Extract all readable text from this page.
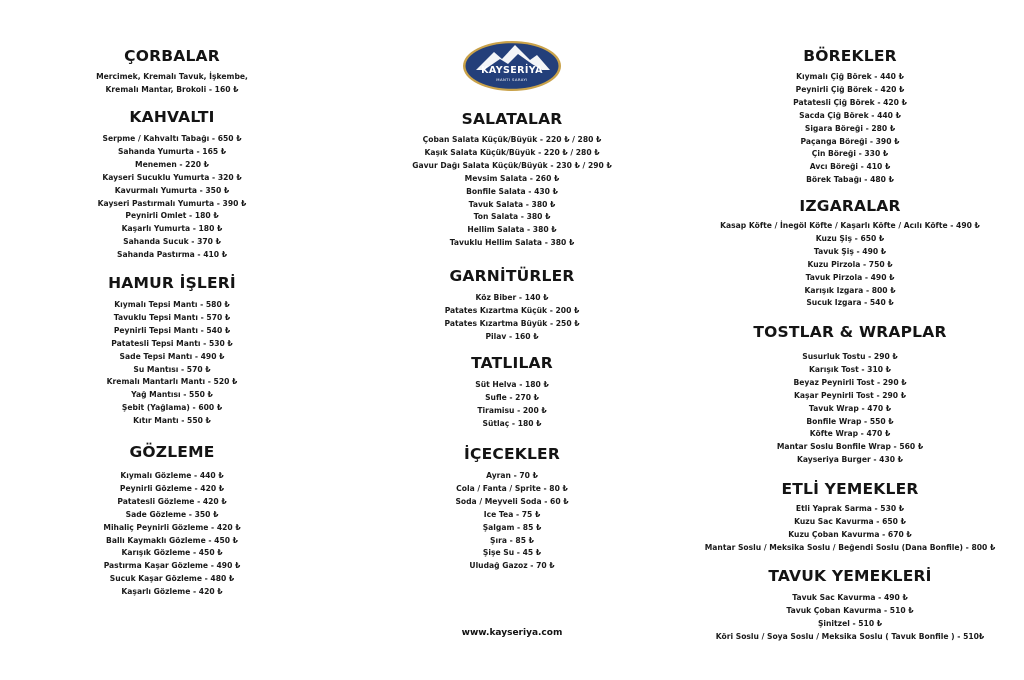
ÇORBALAR
Mercimek, Kremalı Tavuk, İşkembe,
Kremalı Mantar, Brokoli - 160 ₺
KAHVALTI
Serpme / Kahvaltı Tabağı - 650 ₺
Sahanda Yumurta - 165 ₺
Menemen - 220 ₺
Kayseri Sucuklu Yumurta - 320 ₺
Kavurmalı Yumurta - 350 ₺
Kayseri Pastırmalı Yumurta - 390 ₺
Peynirli Omlet - 180 ₺
Kaşarlı Yumurta - 180 ₺
Sahanda Sucuk - 370 ₺
Sahanda Pastırma - 410 ₺
HAMUR İŞLERİ
Kıymalı Tepsi Mantı - 580 ₺
Tavuklu Tepsi Mantı - 570 ₺
Peynirli Tepsi Mantı - 540 ₺
Patatesli Tepsi Mantı - 530 ₺
Sade Tepsi Mantı - 490 ₺
Su Mantısı - 570 ₺
Kremalı Mantarlı Mantı - 520 ₺
Yağ Mantısı - 550 ₺
Şebit (Yağlama) - 600 ₺
Kıtır Mantı - 550 ₺
GÖZLEME
Kıymalı Gözleme - 440 ₺
Peynirli Gözleme - 420 ₺
Patatesli Gözleme - 420 ₺
Sade Gözleme - 350 ₺
Mihaliç Peynirli Gözleme - 420 ₺
Ballı Kaymaklı Gözleme - 450 ₺
Karışık Gözleme - 450 ₺
Pastırma Kaşar Gözleme - 490 ₺
Sucuk Kaşar Gözleme - 480 ₺
Kaşarlı Gözleme - 420 ₺
KAYSERİYA
MANTI SARAYI
SALATALAR
Çoban Salata Küçük/Büyük - 220 ₺ / 280 ₺
Kaşık Salata Küçük/Büyük - 220 ₺ / 280 ₺
Gavur Dağı Salata Küçük/Büyük - 230 ₺ / 290 ₺
Mevsim Salata - 260 ₺
Bonfile Salata - 430 ₺
Tavuk Salata - 380 ₺
Ton Salata - 380 ₺
Hellim Salata - 380 ₺
Tavuklu Hellim Salata - 380 ₺
GARNİTÜRLER
Köz Biber - 140 ₺
Patates Kızartma Küçük - 200 ₺
Patates Kızartma Büyük - 250 ₺
Pilav - 160 ₺
TATLILAR
Süt Helva - 180 ₺
Sufle - 270 ₺
Tiramisu - 200 ₺
Sütlaç - 180 ₺
İÇECEKLER
Ayran - 70 ₺
Cola / Fanta / Sprite - 80 ₺
Soda / Meyveli Soda - 60 ₺
Ice Tea - 75 ₺
Şalgam - 85 ₺
Şıra - 85 ₺
Şişe Su - 45 ₺
Uludağ Gazoz - 70 ₺
www.kayseriya.com
BÖREKLER
Kıymalı Çiğ Börek - 440 ₺
Peynirli Çiğ Börek - 420 ₺
Patatesli Çiğ Börek - 420 ₺
Sacda Çiğ Börek - 440 ₺
Sigara Böreği - 280 ₺
Paçanga Böreği - 390 ₺
Çin Böreği - 330 ₺
Avcı Böreği - 410 ₺
Börek Tabağı - 480 ₺
IZGARALAR
Kasap Köfte / İnegöl Köfte / Kaşarlı Köfte / Acılı Köfte - 490 ₺
Kuzu Şiş - 650 ₺
Tavuk Şiş - 490 ₺
Kuzu Pirzola - 750 ₺
Tavuk Pirzola - 490 ₺
Karışık Izgara - 800 ₺
Sucuk Izgara - 540 ₺
TOSTLAR & WRAPLAR
Susurluk Tostu - 290 ₺
Karışık Tost - 310 ₺
Beyaz Peynirli Tost - 290 ₺
Kaşar Peynirli Tost - 290 ₺
Tavuk Wrap - 470 ₺
Bonfile Wrap - 550 ₺
Köfte Wrap - 470 ₺
Mantar Soslu Bonfile Wrap - 560 ₺
Kayseriya Burger - 430 ₺
ETLİ YEMEKLER
Etli Yaprak Sarma - 530 ₺
Kuzu Sac Kavurma - 650 ₺
Kuzu Çoban Kavurma - 670 ₺
Mantar Soslu / Meksika Soslu / Beğendi Soslu (Dana Bonfile) - 800 ₺
TAVUK YEMEKLERİ
Tavuk Sac Kavurma - 490 ₺
Tavuk Çoban Kavurma - 510 ₺
Şinitzel - 510 ₺
Köri Soslu / Soya Soslu / Meksika Soslu ( Tavuk Bonfile ) - 510₺
